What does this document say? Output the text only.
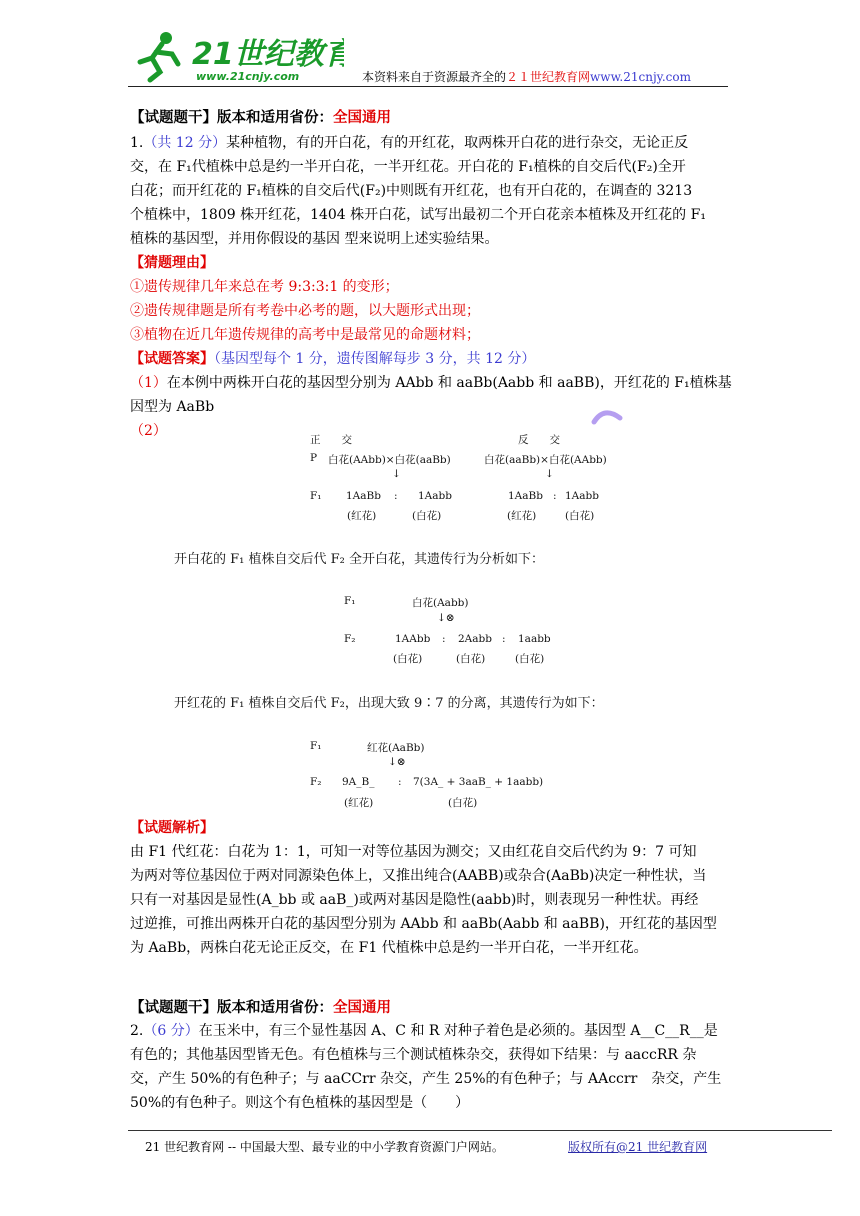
21世纪教育
www.21cnjy.com	本资料来自于资源最齐全的２１世纪教育网www.21cnjy.com
【试题题干】版本和适用省份：全国通用
1.（共 12 分）某种植物，有的开白花，有的开红花，取两株开白花的进行杂交，无论正反
交，在 F₁代植株中总是约一半开白花，一半开红花。开白花的 F₁植株的自交后代(F₂)全开
白花；而开红花的 F₁植株的自交后代(F₂)中则既有开红花，也有开白花的，在调查的 3213
个植株中，1809 株开红花，1404 株开白花，试写出最初二个开白花亲本植株及开红花的 F₁
植株的基因型，并用你假设的基因 型来说明上述实验结果。
【猜题理由】
①遗传规律几年来总在考 9:3:3:1 的变形；
②遗传规律题是所有考卷中必考的题，以大题形式出现；
③植物在近几年遗传规律的高考中是最常见的命题材料；
【试题答案】（基因型每个 1 分，遗传图解每步 3 分，共 12 分）
（1）在本例中两株开白花的基因型分别为 AAbb 和 aaBb(Aabb 和 aaBB)，开红花的 F₁植株基
因型为 AaBb
（2）
正　　交	反　　交
P 白花(AAbb)×白花(aaBb)	白花(aaBb)×白花(AAbb)
↓	↓
F₁ 1AaBb : 1Aabb	1AaBb : 1Aabb
(红花)	(白花)	(红花)	(白花)
开白花的 F₁ 植株自交后代 F₂ 全开白花，其遗传行为分析如下：
F₁	白花(Aabb)
↓⊗
F₂	1AAbb : 2Aabb : 1aabb
(白花)	(白花)	(白花)
开红花的 F₁ 植株自交后代 F₂，出现大致 9∶7 的分离，其遗传行为如下：
F₁	红花(AaBb)
↓⊗
F₂ 9A_B_ : 7(3A_ + 3aaB_ + 1aabb)
(红花)	(白花)
【试题解析】
由 F1 代红花：白花为 1：1，可知一对等位基因为测交；又由红花自交后代约为 9：7 可知
为两对等位基因位于两对同源染色体上，又推出纯合(AABB)或杂合(AaBb)决定一种性状，当
只有一对基因是显性(A_bb 或 aaB_)或两对基因是隐性(aabb)时，则表现另一种性状。再经
过逆推，可推出两株开白花的基因型分别为 AAbb 和 aaBb(Aabb 和 aaBB)，开红花的基因型
为 AaBb，两株白花无论正反交，在 F1 代植株中总是约一半开白花，一半开红花。
【试题题干】版本和适用省份：全国通用
2.（6 分）在玉米中，有三个显性基因 A、C 和 R 对种子着色是必须的。基因型 A__C__R__是
有色的；其他基因型皆无色。有色植株与三个测试植株杂交，获得如下结果：与 aaccRR 杂
交，产生 50%的有色种子；与 aaCCrr 杂交，产生 25%的有色种子；与 AAccrr　杂交，产生
50%的有色种子。则这个有色植株的基因型是（　　）
21 世纪教育网 -- 中国最大型、最专业的中小学教育资源门户网站。	版权所有@21 世纪教育网
